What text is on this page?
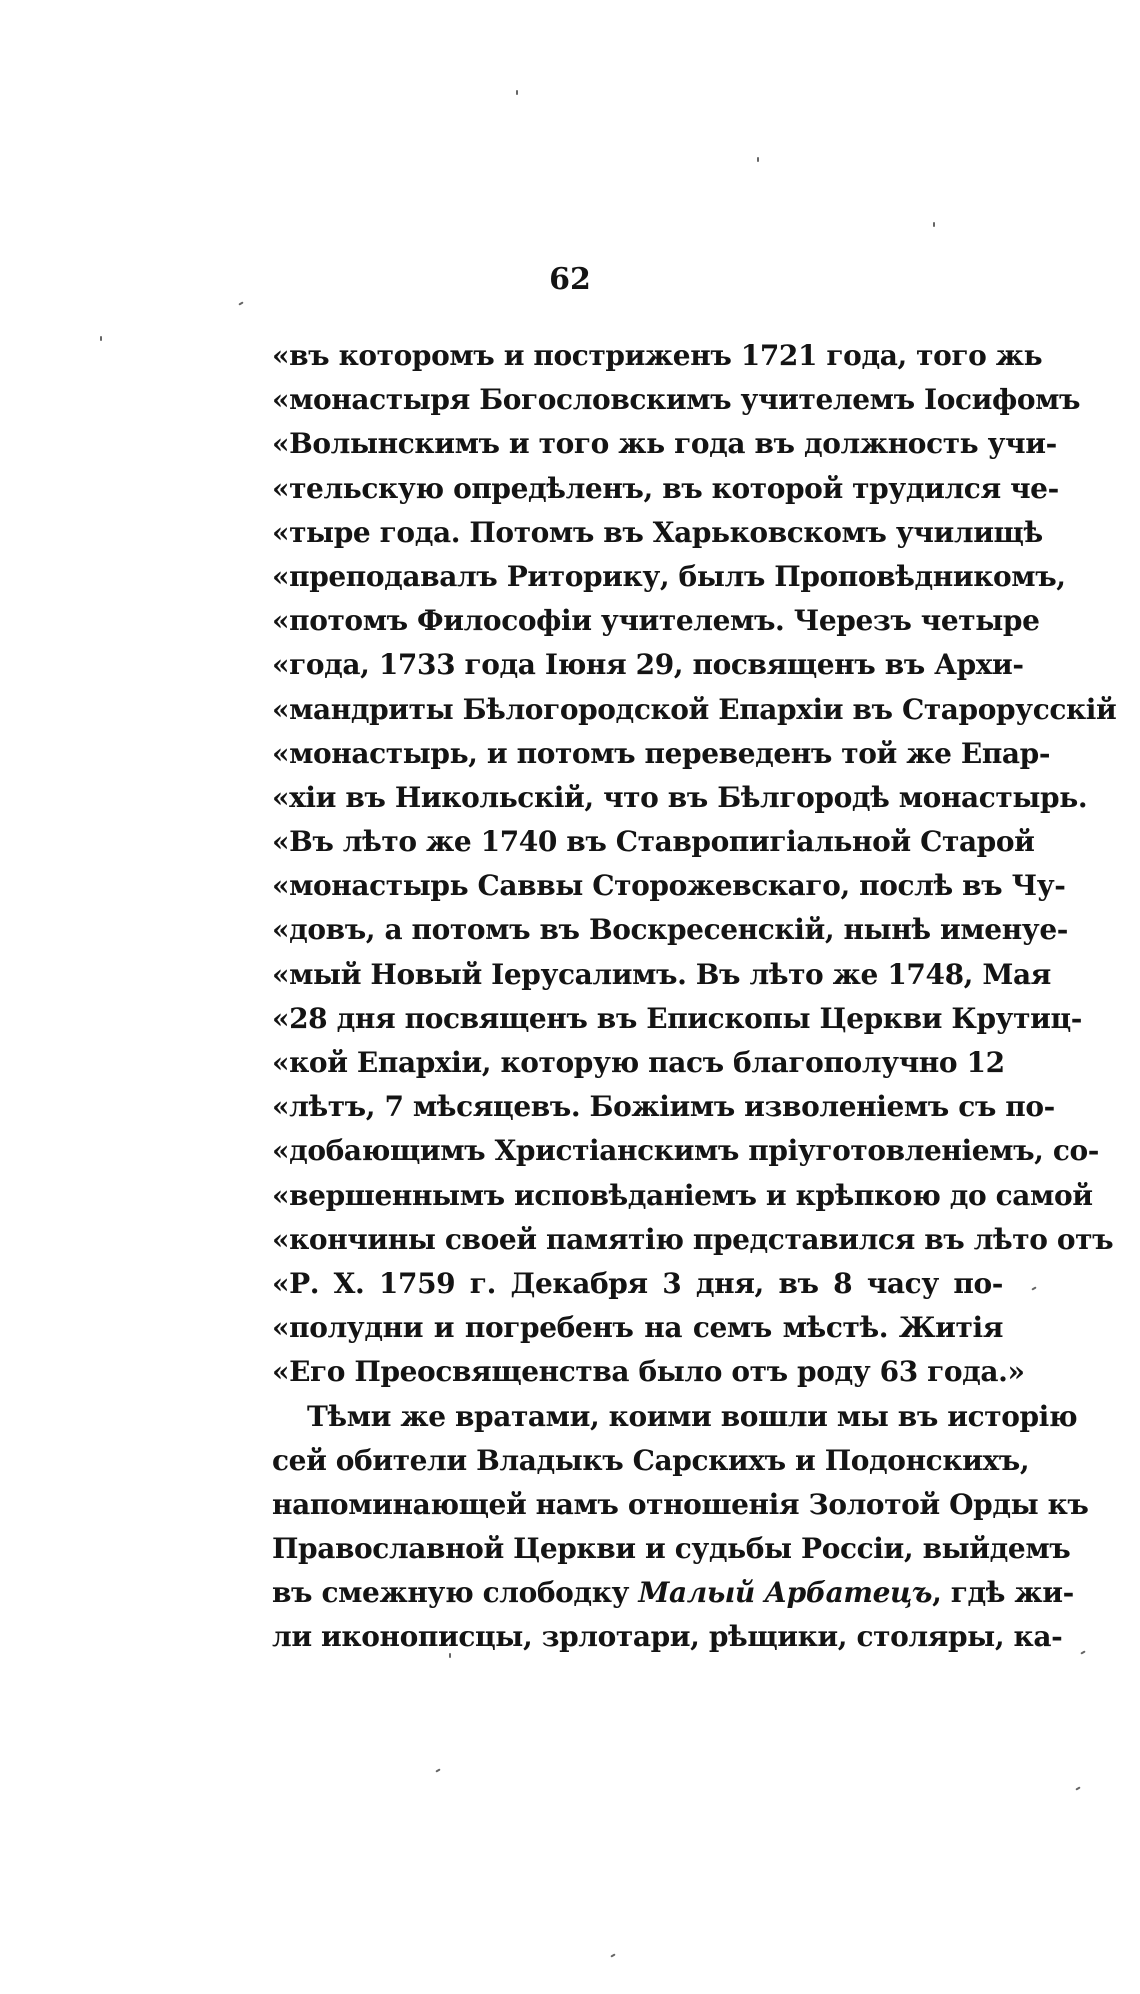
62
«въ которомъ и постриженъ 1721 года, того жь
«монастыря Богословскимъ учителемъ Іосифомъ
«Волынскимъ и того жь года въ должность учи-
«тельскую опредѣленъ, въ которой трудился че-
«тыре года. Потомъ въ Харьковскомъ училищѣ
«преподавалъ Риторику, былъ Проповѣдникомъ,
«потомъ Философіи учителемъ. Черезъ четыре
«года, 1733 года Іюня 29, посвященъ въ Архи-
«мандриты Бѣлогородской Епархіи въ Старорусскій
«монастырь, и потомъ переведенъ той же Епар-
«хіи въ Никольскій, что въ Бѣлгородѣ монастырь.
«Въ лѣто же 1740 въ Ставропигіальной Старой
«монастырь Саввы Сторожевскаго, послѣ въ Чу-
«довъ, а потомъ въ Воскресенскій, нынѣ именуе-
«мый Новый Іерусалимъ. Въ лѣто же 1748, Мая
«28 дня посвященъ въ Епископы Церкви Крутиц-
«кой Епархіи, которую пасъ благополучно 12
«лѣтъ, 7 мѣсяцевъ. Божіимъ изволеніемъ съ по-
«добающимъ Христіанскимъ пріуготовленіемъ, со-
«вершеннымъ исповѣданіемъ и крѣпкою до самой
«кончины своей памятію представился въ лѣто отъ
«Р. Х. 1759 г. Декабря 3 дня, въ 8 часу по-
«полудни и погребенъ на семъ мѣстѣ. Житія
«Его Преосвященства было отъ роду 63 года.»
Тѣми же вратами, коими вошли мы въ исторію
сей обители Владыкъ Сарскихъ и Подонскихъ,
напоминающей намъ отношенія Золотой Орды къ
Православной Церкви и судьбы Россіи, выйдемъ
въ смежную слободку Малый Арбатецъ, гдѣ жи-
ли иконописцы, зрлотари, рѣщики, столяры, ка-
